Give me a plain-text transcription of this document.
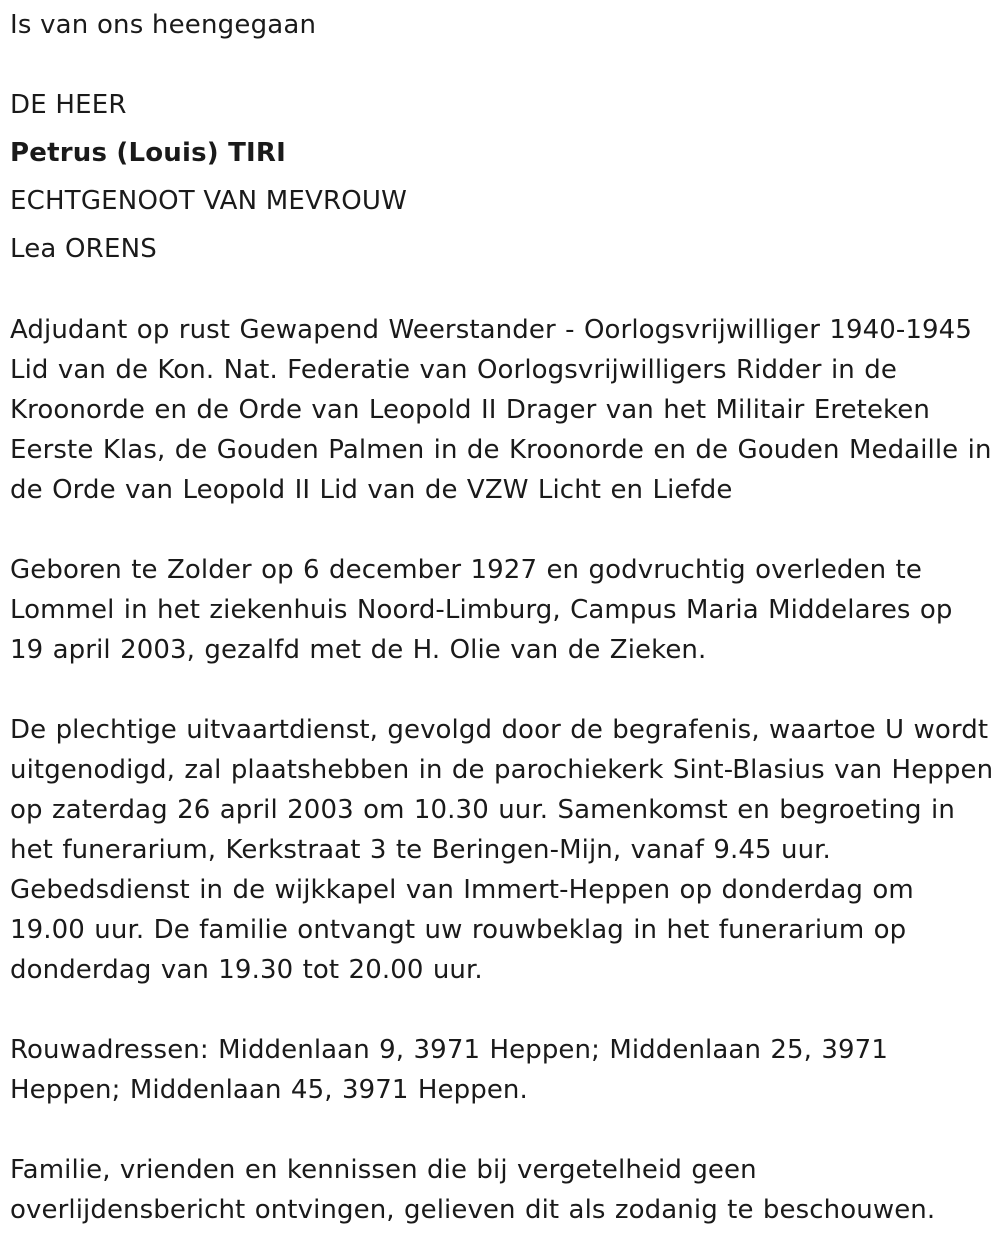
Is van ons heengegaan
DE HEER
Petrus (Louis) TIRI
ECHTGENOOT VAN MEVROUW
Lea ORENS
Adjudant op rust Gewapend Weerstander - Oorlogsvrijwilliger 1940-1945 Lid van de Kon. Nat. Federatie van Oorlogsvrijwilligers Ridder in de Kroonorde en de Orde van Leopold II Drager van het Militair Ereteken Eerste Klas, de Gouden Palmen in de Kroonorde en de Gouden Medaille in de Orde van Leopold II Lid van de VZW Licht en Liefde
Geboren te Zolder op 6 december 1927 en godvruchtig overleden te Lommel in het ziekenhuis Noord-Limburg, Campus Maria Middelares op 19 april 2003, gezalfd met de H. Olie van de Zieken.
De plechtige uitvaartdienst, gevolgd door de begrafenis, waartoe U wordt uitgenodigd, zal plaatshebben in de parochiekerk Sint-Blasius van Heppen op zaterdag 26 april 2003 om 10.30 uur. Samenkomst en begroeting in het funerarium, Kerkstraat 3 te Beringen-Mijn, vanaf 9.45 uur. Gebedsdienst in de wijkkapel van Immert-Heppen op donderdag om 19.00 uur. De familie ontvangt uw rouwbeklag in het funerarium op donderdag van 19.30 tot 20.00 uur.
Rouwadressen: Middenlaan 9, 3971 Heppen; Middenlaan 25, 3971 Heppen; Middenlaan 45, 3971 Heppen.
Familie, vrienden en kennissen die bij vergetelheid geen overlijdensbericht ontvingen, gelieven dit als zodanig te beschouwen.
